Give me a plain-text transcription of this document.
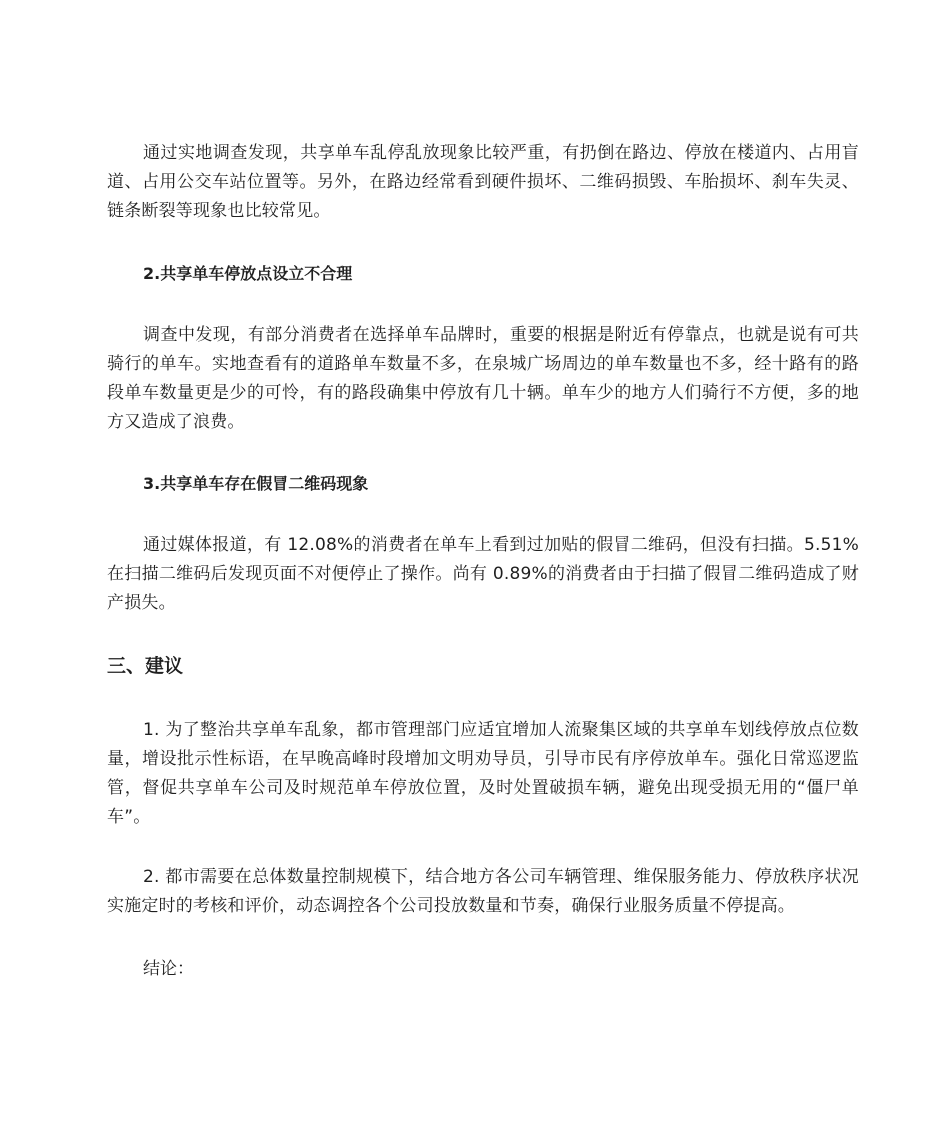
通过实地调查发现，共享单车乱停乱放现象比较严重，有扔倒在路边、停放在楼道内、占用盲道、占用公交车站位置等。另外，在路边经常看到硬件损坏、二维码损毁、车胎损坏、刹车失灵、链条断裂等现象也比较常见。

2.共享单车停放点设立不合理

调查中发现，有部分消费者在选择单车品牌时，重要的根据是附近有停靠点，也就是说有可共骑行的单车。实地查看有的道路单车数量不多，在泉城广场周边的单车数量也不多，经十路有的路段单车数量更是少的可怜，有的路段确集中停放有几十辆。单车少的地方人们骑行不方便，多的地方又造成了浪费。

3.共享单车存在假冒二维码现象

通过媒体报道，有 12.08%的消费者在单车上看到过加贴的假冒二维码，但没有扫描。5.51%在扫描二维码后发现页面不对便停止了操作。尚有 0.89%的消费者由于扫描了假冒二维码造成了财产损失。

三、建议

1. 为了整治共享单车乱象，都市管理部门应适宜增加人流聚集区域的共享单车划线停放点位数量，增设批示性标语，在早晚高峰时段增加文明劝导员，引导市民有序停放单车。强化日常巡逻监管，督促共享单车公司及时规范单车停放位置，及时处置破损车辆，避免出现受损无用的“僵尸单车”。

2. 都市需要在总体数量控制规模下，结合地方各公司车辆管理、维保服务能力、停放秩序状况实施定时的考核和评价，动态调控各个公司投放数量和节奏，确保行业服务质量不停提高。

结论：
